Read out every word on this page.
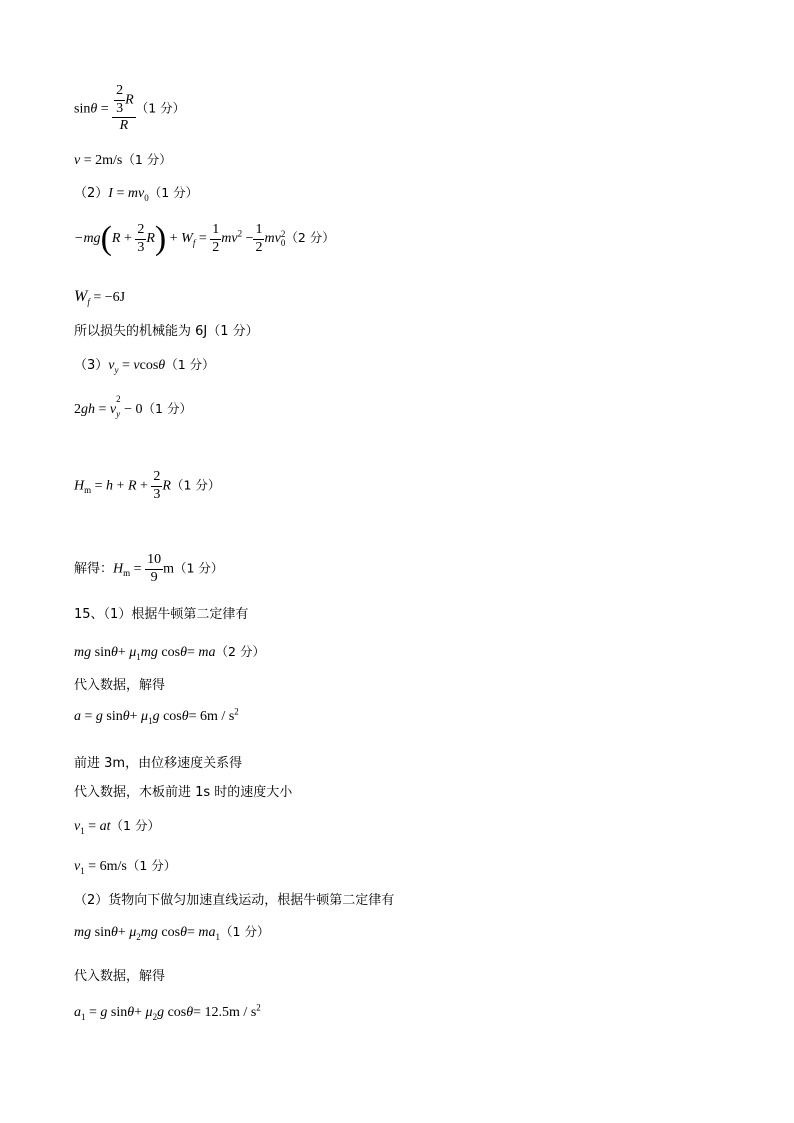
$\sin\theta = \frac{\frac{2}{3} R}{R} (1$ 分）
v = 2m/s（1 分）
$(2)I = mv_0(1$ 分）
$-mg(R + \frac{2}{3} R) + W_f = \frac{1}{2} mv^2 - \frac{1}{2}$ mv 2
0 （2 分）
$W_f = -6J$
所以损失的机械能为 6J（1 分）
$(3)v_y = vcos\theta(1$ 分）
2gh = v
2
y − 0（1 分）
$H_m = h + R + \frac{2}{3} R(1$ 分）
解得：$H_m = \frac{10}{9} m(1$ 分）
15、（1）根据牛顿第二定律有
mg $\sin\theta+ \mu_1mg$ cosθ= ma（2 分）
代入数据，解得
a = g $\sin\theta+ \mu_1g$ $\cos\theta= 6m / s^2$
前进 3m，由位移速度关系得
代入数据，木板前进 1s 时的速度大小
$v_1 = at(1$ 分）
$v_1 = 6m/s(1$ 分）
（2）货物向下做匀加速直线运动，根据牛顿第二定律有
mg $\sin\theta+ \mu_2mg$ $\cos\theta= ma_1(1$ 分）
代入数据，解得
$a_1 = g$ $\sin\theta+ \mu_2g$ $\cos\theta= 12.5m / s^2$
